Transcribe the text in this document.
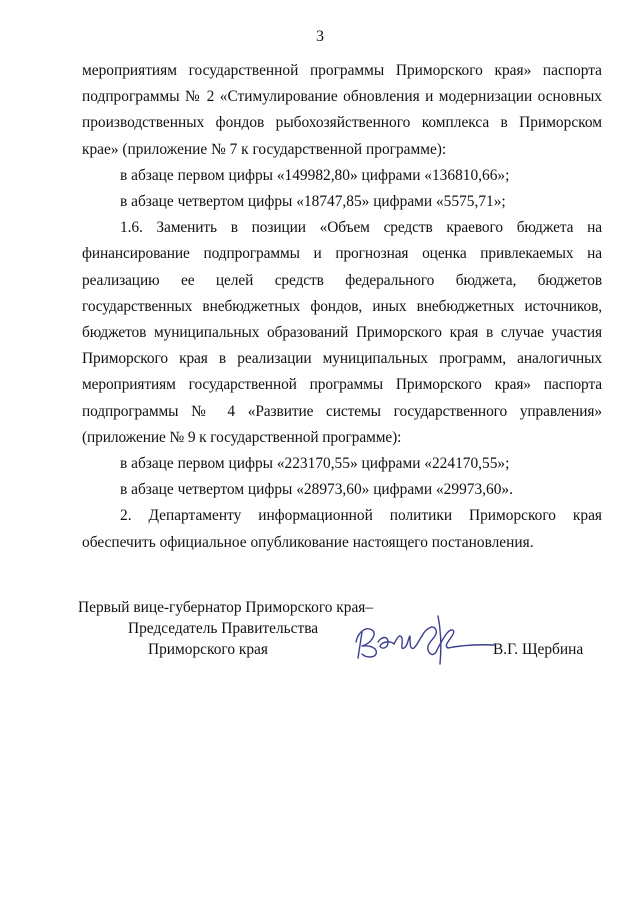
3

мероприятиям государственной программы Приморского края» паспорта подпрограммы № 2 «Стимулирование обновления и модернизации основных производственных фондов рыбохозяйственного комплекса в Приморском крае» (приложение № 7 к государственной программе):

в абзаце первом цифры «149982,80» цифрами «136810,66»;

в абзаце четвертом цифры «18747,85» цифрами «5575,71»;

1.6. Заменить в позиции «Объем средств краевого бюджета на финансирование подпрограммы и прогнозная оценка привлекаемых на реализацию ее целей средств федерального бюджета, бюджетов государственных внебюджетных фондов, иных внебюджетных источников, бюджетов муниципальных образований Приморского края в случае участия Приморского края в реализации муниципальных программ, аналогичных мероприятиям государственной программы Приморского края» паспорта подпрограммы № 4 «Развитие системы государственного управления» (приложение № 9 к государственной программе):

в абзаце первом цифры «223170,55» цифрами «224170,55»;

в абзаце четвертом цифры «28973,60» цифрами «29973,60».

2. Департаменту информационной политики Приморского края обеспечить официальное опубликование настоящего постановления.

Первый вице-губернатор Приморского края–
Председатель Правительства
Приморского края	В.Г. Щербина
